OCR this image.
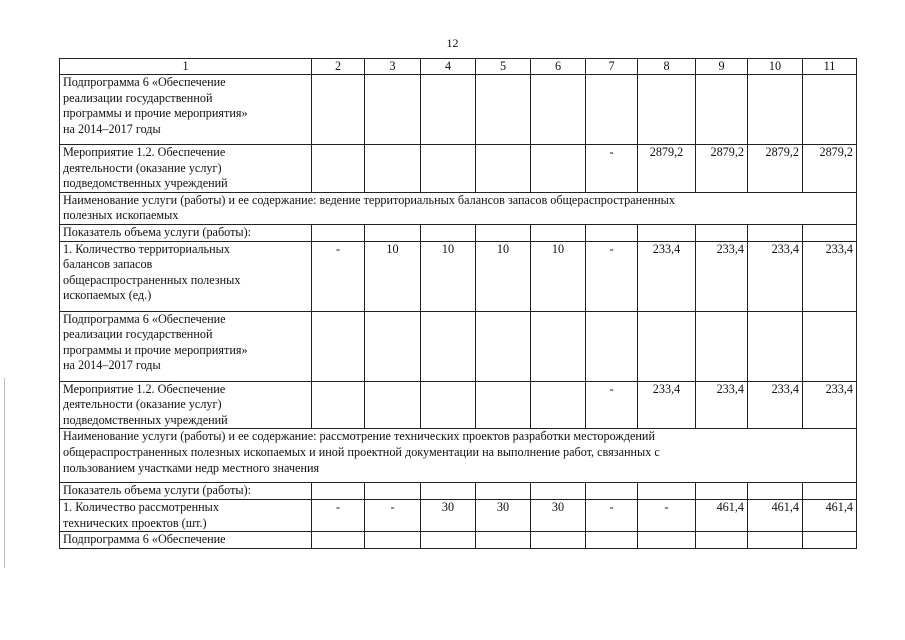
12
1	2	3	4	5	6	7	8	9	10	11
Подпрограмма 6 «Обеспечение
реализации государственной
программы и прочие мероприятия»
на 2014–2017 годы										
Мероприятие 1.2. Обеспечение
деятельности (оказание услуг)
подведомственных учреждений						-	2879,2	2879,2	2879,2	2879,2
Наименование услуги (работы) и ее содержание: ведение территориальных балансов запасов общераспространенных
полезных ископаемых										
Показатель объема услуги (работы):										
1. Количество территориальных
балансов запасов
общераспространенных полезных
ископаемых (ед.)	-	10	10	10	10	-	233,4	233,4	233,4	233,4
Подпрограмма 6 «Обеспечение
реализации государственной
программы и прочие мероприятия»
на 2014–2017 годы										
Мероприятие 1.2. Обеспечение
деятельности (оказание услуг)
подведомственных учреждений						-	233,4	233,4	233,4	233,4
Наименование услуги (работы) и ее содержание: рассмотрение технических проектов разработки месторождений
общераспространенных полезных ископаемых и иной проектной документации на выполнение работ, связанных с
пользованием участками недр местного значения										
Показатель объема услуги (работы):										
1. Количество рассмотренных
технических проектов (шт.)	-	-	30	30	30	-	-	461,4	461,4	461,4
Подпрограмма 6 «Обеспечение										
